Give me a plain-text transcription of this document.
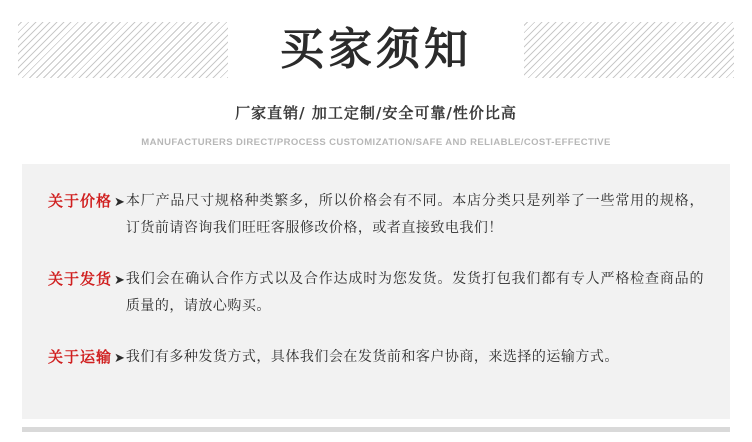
买家须知
厂家直销/ 加工定制/安全可靠/性价比高
MANUFACTURERS DIRECT/PROCESS CUSTOMIZATION/SAFE AND RELIABLE/COST-EFFECTIVE
关于价格 ➤ 本厂产品尺寸规格种类繁多，所以价格会有不同。本店分类只是列举了一些常用的规格，订货前请咨询我们旺旺客服修改价格，或者直接致电我们！
关于发货 ➤ 我们会在确认合作方式以及合作达成时为您发货。发货打包我们都有专人严格检查商品的质量的，请放心购买。
关于运输 ➤ 我们有多种发货方式，具体我们会在发货前和客户协商，来选择的运输方式。
